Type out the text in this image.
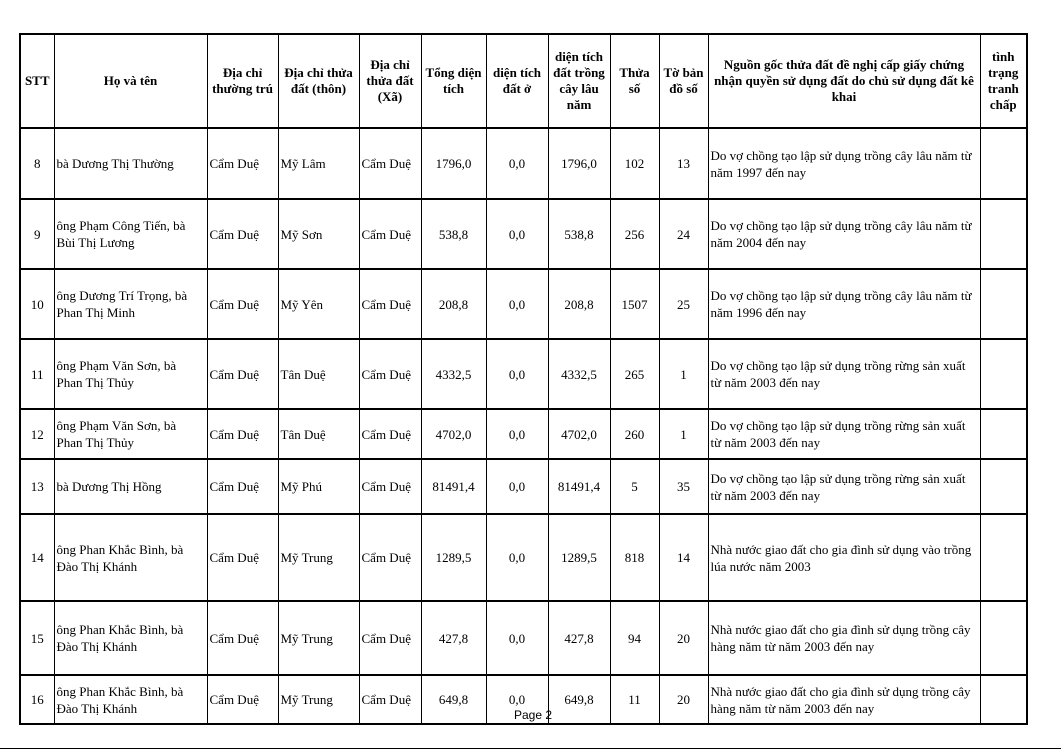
STT	Họ và tên	Địa chỉ thường trú	Địa chỉ thửa đất (thôn)	Địa chỉ thửa đất (Xã)	Tổng diện tích	diện tích đất ở	diện tích đất trồng cây lâu năm	Thửa số	Tờ bản đồ số	Nguồn gốc thửa đất đề nghị cấp giấy chứng nhận quyền sử dụng đất do chủ sử dụng đất kê khai	tình trạng tranh chấp
8	bà Dương Thị Thường	Cẩm Duệ	Mỹ Lâm	Cẩm Duệ	1796,0	0,0	1796,0	102	13	Do vợ chồng tạo lập sử dụng trồng cây lâu năm từ năm 1997 đến nay	
9	ông Phạm Công Tiến, bà Bùi Thị Lương	Cẩm Duệ	Mỹ Sơn	Cẩm Duệ	538,8	0,0	538,8	256	24	Do vợ chồng tạo lập sử dụng trồng cây lâu năm từ năm 2004 đến nay	
10	ông Dương Trí Trọng, bà Phan Thị Minh	Cẩm Duệ	Mỹ Yên	Cẩm Duệ	208,8	0,0	208,8	1507	25	Do vợ chồng tạo lập sử dụng trồng cây lâu năm từ năm 1996 đến nay	
11	ông Phạm Văn Sơn, bà Phan Thị Thủy	Cẩm Duệ	Tân Duệ	Cẩm Duệ	4332,5	0,0	4332,5	265	1	Do vợ chồng tạo lập sử dụng trồng rừng sản xuất từ năm 2003 đến nay	
12	ông Phạm Văn Sơn, bà Phan Thị Thủy	Cẩm Duệ	Tân Duệ	Cẩm Duệ	4702,0	0,0	4702,0	260	1	Do vợ chồng tạo lập sử dụng trồng rừng sản xuất từ năm 2003 đến nay	
13	bà Dương Thị Hồng	Cẩm Duệ	Mỹ Phú	Cẩm Duệ	81491,4	0,0	81491,4	5	35	Do vợ chồng tạo lập sử dụng trồng rừng sản xuất từ năm 2003 đến nay	
14	ông Phan Khắc Bình, bà Đào Thị Khánh	Cẩm Duệ	Mỹ Trung	Cẩm Duệ	1289,5	0,0	1289,5	818	14	Nhà nước giao đất cho gia đình sử dụng vào trồng lúa nước năm 2003	
15	ông Phan Khắc Bình, bà Đào Thị Khánh	Cẩm Duệ	Mỹ Trung	Cẩm Duệ	427,8	0,0	427,8	94	20	Nhà nước giao đất cho gia đình sử dụng trồng cây hàng năm từ năm 2003 đến nay	
16	ông Phan Khắc Bình, bà Đào Thị Khánh	Cẩm Duệ	Mỹ Trung	Cẩm Duệ	649,8	0,0	649,8	11	20	Nhà nước giao đất cho gia đình sử dụng trồng cây hàng năm từ năm 2003 đến nay	
Page 2
